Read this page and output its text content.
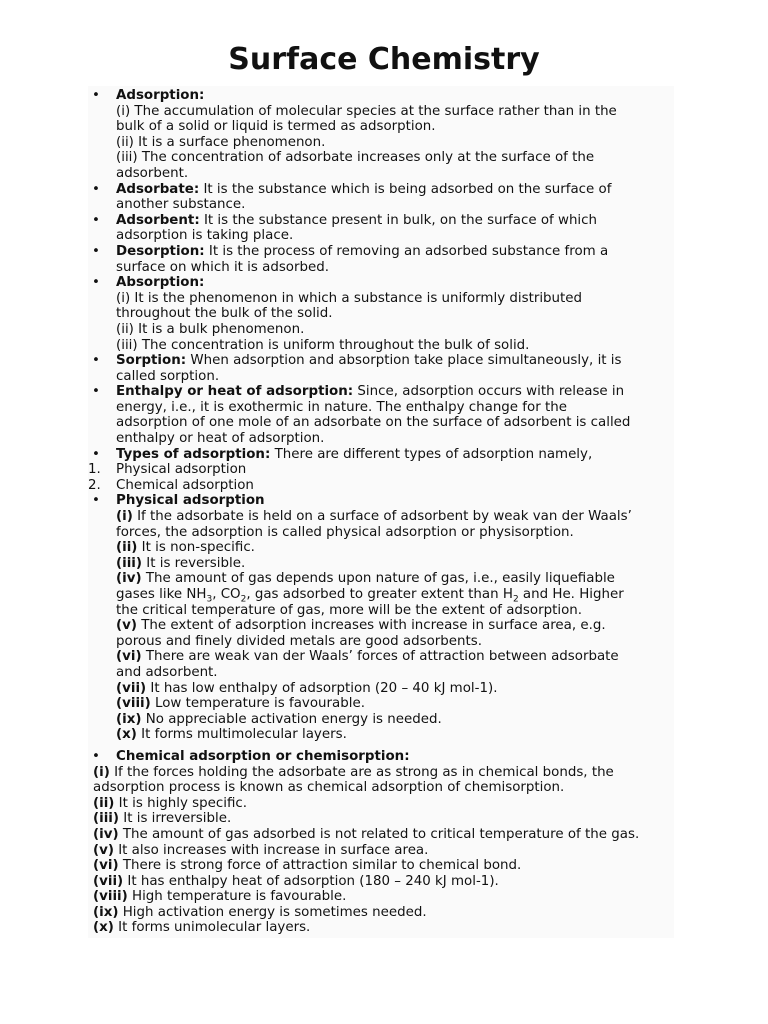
Surface Chemistry
•	Adsorption:
(i) The accumulation of molecular species at the surface rather than in the
bulk of a solid or liquid is termed as adsorption.
(ii) It is a surface phenomenon.
(iii) The concentration of adsorbate increases only at the surface of the
adsorbent.
•	Adsorbate: It is the substance which is being adsorbed on the surface of
another substance.
•	Adsorbent: It is the substance present in bulk, on the surface of which
adsorption is taking place.
•	Desorption: It is the process of removing an adsorbed substance from a
surface on which it is adsorbed.
•	Absorption:
(i) It is the phenomenon in which a substance is uniformly distributed
throughout the bulk of the solid.
(ii) It is a bulk phenomenon.
(iii) The concentration is uniform throughout the bulk of solid.
•	Sorption: When adsorption and absorption take place simultaneously, it is
called sorption.
•	Enthalpy or heat of adsorption: Since, adsorption occurs with release in
energy, i.e., it is exothermic in nature. The enthalpy change for the
adsorption of one mole of an adsorbate on the surface of adsorbent is called
enthalpy or heat of adsorption.
•	Types of adsorption: There are different types of adsorption namely,
1.	Physical adsorption
2.	Chemical adsorption
•	Physical adsorption
(i) If the adsorbate is held on a surface of adsorbent by weak van der Waals’
forces, the adsorption is called physical adsorption or physisorption.
(ii) It is non-specific.
(iii) It is reversible.
(iv) The amount of gas depends upon nature of gas, i.e., easily liquefiable
gases like $NH_3$, $CO_2$, gas adsorbed to greater extent than $H_2$ and He. Higher
the critical temperature of gas, more will be the extent of adsorption.
(v) The extent of adsorption increases with increase in surface area, e.g.
porous and finely divided metals are good adsorbents.
(vi) There are weak van der Waals’ forces of attraction between adsorbate
and adsorbent.
(vii) It has low enthalpy of adsorption (20 – 40 kJ mol-1).
(viii) Low temperature is favourable.
(ix) No appreciable activation energy is needed.
(x) It forms multimolecular layers.
•	Chemical adsorption or chemisorption:
(i) If the forces holding the adsorbate are as strong as in chemical bonds, the
adsorption process is known as chemical adsorption of chemisorption.
(ii) It is highly specific.
(iii) It is irreversible.
(iv) The amount of gas adsorbed is not related to critical temperature of the gas.
(v) It also increases with increase in surface area.
(vi) There is strong force of attraction similar to chemical bond.
(vii) It has enthalpy heat of adsorption (180 – 240 kJ mol-1).
(viii) High temperature is favourable.
(ix) High activation energy is sometimes needed.
(x) It forms unimolecular layers.
